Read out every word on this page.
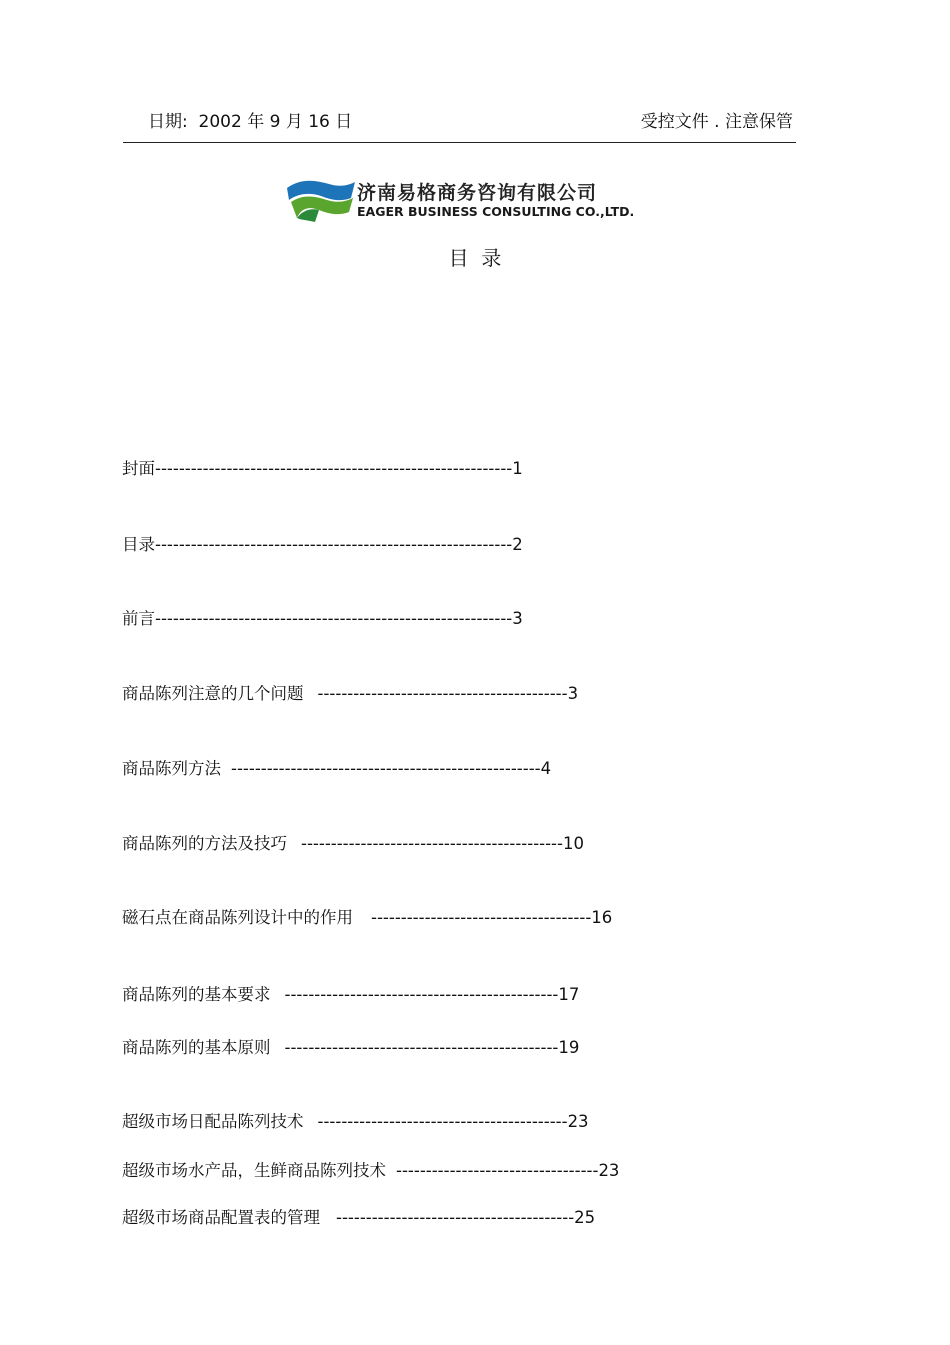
日期:  2002 年 9 月 16 日	受控文件 . 注意保管
济南易格商务咨询有限公司
EAGER BUSINESS CONSULTING CO.,LTD.
目  录
封面------------------------------------------------------------1
目录------------------------------------------------------------2
前言------------------------------------------------------------3
商品陈列注意的几个问题 ------------------------------------------3
商品陈列方法 ----------------------------------------------------4
商品陈列的方法及技巧 --------------------------------------------10
磁石点在商品陈列设计中的作用 -------------------------------------16
商品陈列的基本要求 ----------------------------------------------17
商品陈列的基本原则 ----------------------------------------------19
超级市场日配品陈列技术 ------------------------------------------23
超级市场水产品，生鲜商品陈列技术 ----------------------------------23
超级市场商品配置表的管理 ----------------------------------------25
